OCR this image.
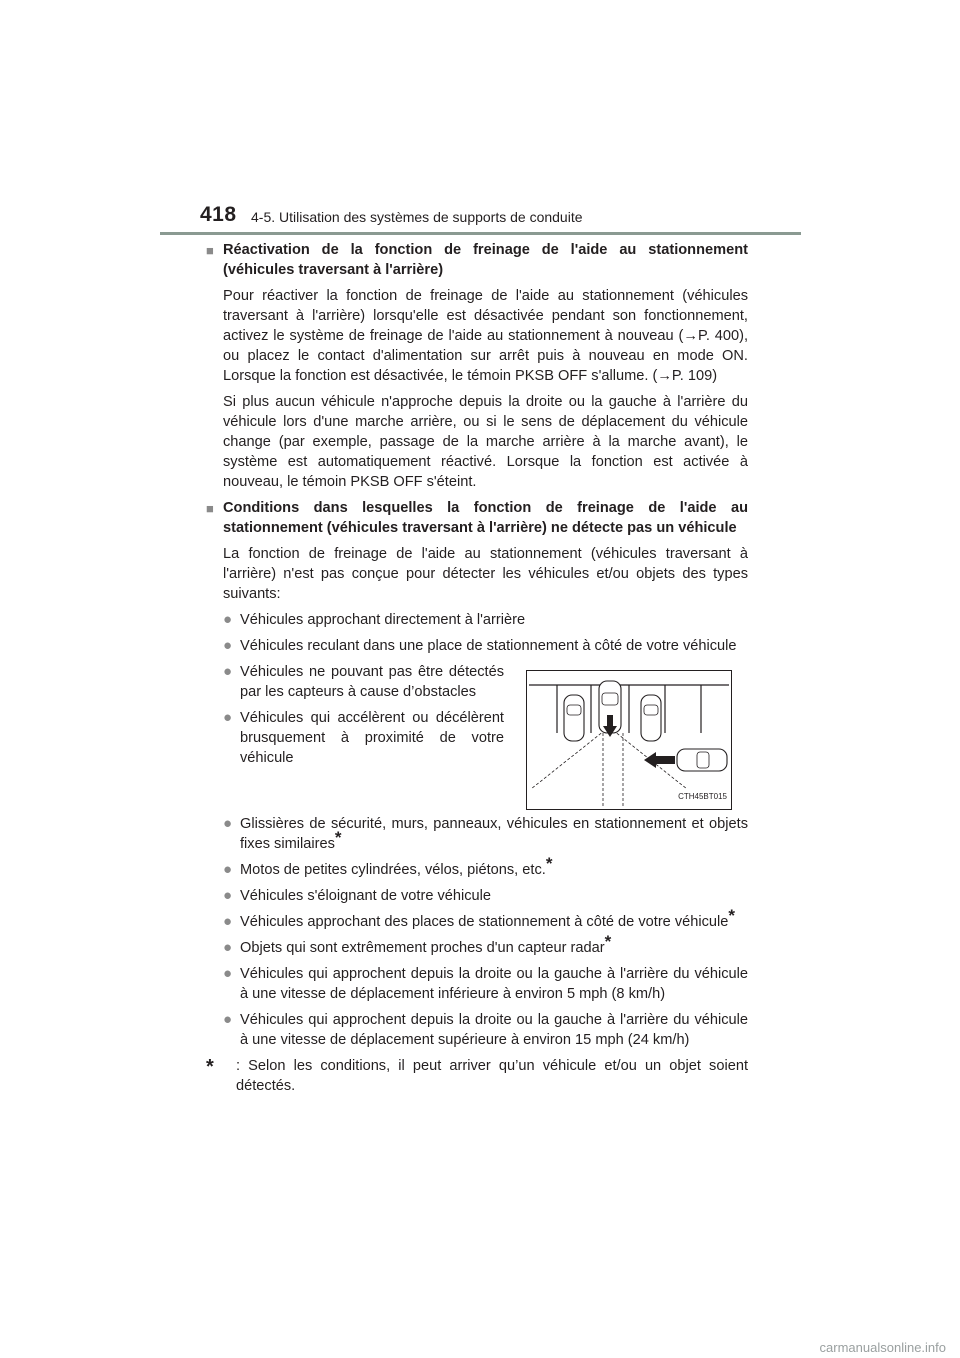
418 4-5. Utilisation des systèmes de supports de conduite
■ Réactivation de la fonction de freinage de l'aide au stationnement (véhicules traversant à l'arrière)
Pour réactiver la fonction de freinage de l'aide au stationnement (véhicules traversant à l'arrière) lorsqu'elle est désactivée pendant son fonctionnement, activez le système de freinage de l'aide au stationnement à nouveau (→P. 400), ou placez le contact d'alimentation sur arrêt puis à nouveau en mode ON. Lorsque la fonction est désactivée, le témoin PKSB OFF s'allume. (→P. 109)
Si plus aucun véhicule n'approche depuis la droite ou la gauche à l'arrière du véhicule lors d'une marche arrière, ou si le sens de déplacement du véhicule change (par exemple, passage de la marche arrière à la marche avant), le système est automatiquement réactivé. Lorsque la fonction est activée à nouveau, le témoin PKSB OFF s'éteint.
■ Conditions dans lesquelles la fonction de freinage de l'aide au stationnement (véhicules traversant à l'arrière) ne détecte pas un véhicule
La fonction de freinage de l'aide au stationnement (véhicules traversant à l'arrière) n'est pas conçue pour détecter les véhicules et/ou objets des types suivants:
● Véhicules approchant directement à l'arrière
● Véhicules reculant dans une place de stationnement à côté de votre véhicule
● Véhicules ne pouvant pas être détectés par les capteurs à cause d’obstacles
● Véhicules qui accélèrent ou décélèrent brusquement à proximité de votre véhicule
CTH45BT015
● Glissières de sécurité, murs, panneaux, véhicules en stationnement et objets fixes similaires*
● Motos de petites cylindrées, vélos, piétons, etc.*
● Véhicules s'éloignant de votre véhicule
● Véhicules approchant des places de stationnement à côté de votre véhicule*
● Objets qui sont extrêmement proches d'un capteur radar*
● Véhicules qui approchent depuis la droite ou la gauche à l'arrière du véhicule à une vitesse de déplacement inférieure à environ 5 mph (8 km/h)
● Véhicules qui approchent depuis la droite ou la gauche à l'arrière du véhicule à une vitesse de déplacement supérieure à environ 15 mph (24 km/h)
*	: Selon les conditions, il peut arriver qu’un véhicule et/ou un objet soient détectés.
carmanualsonline.info
